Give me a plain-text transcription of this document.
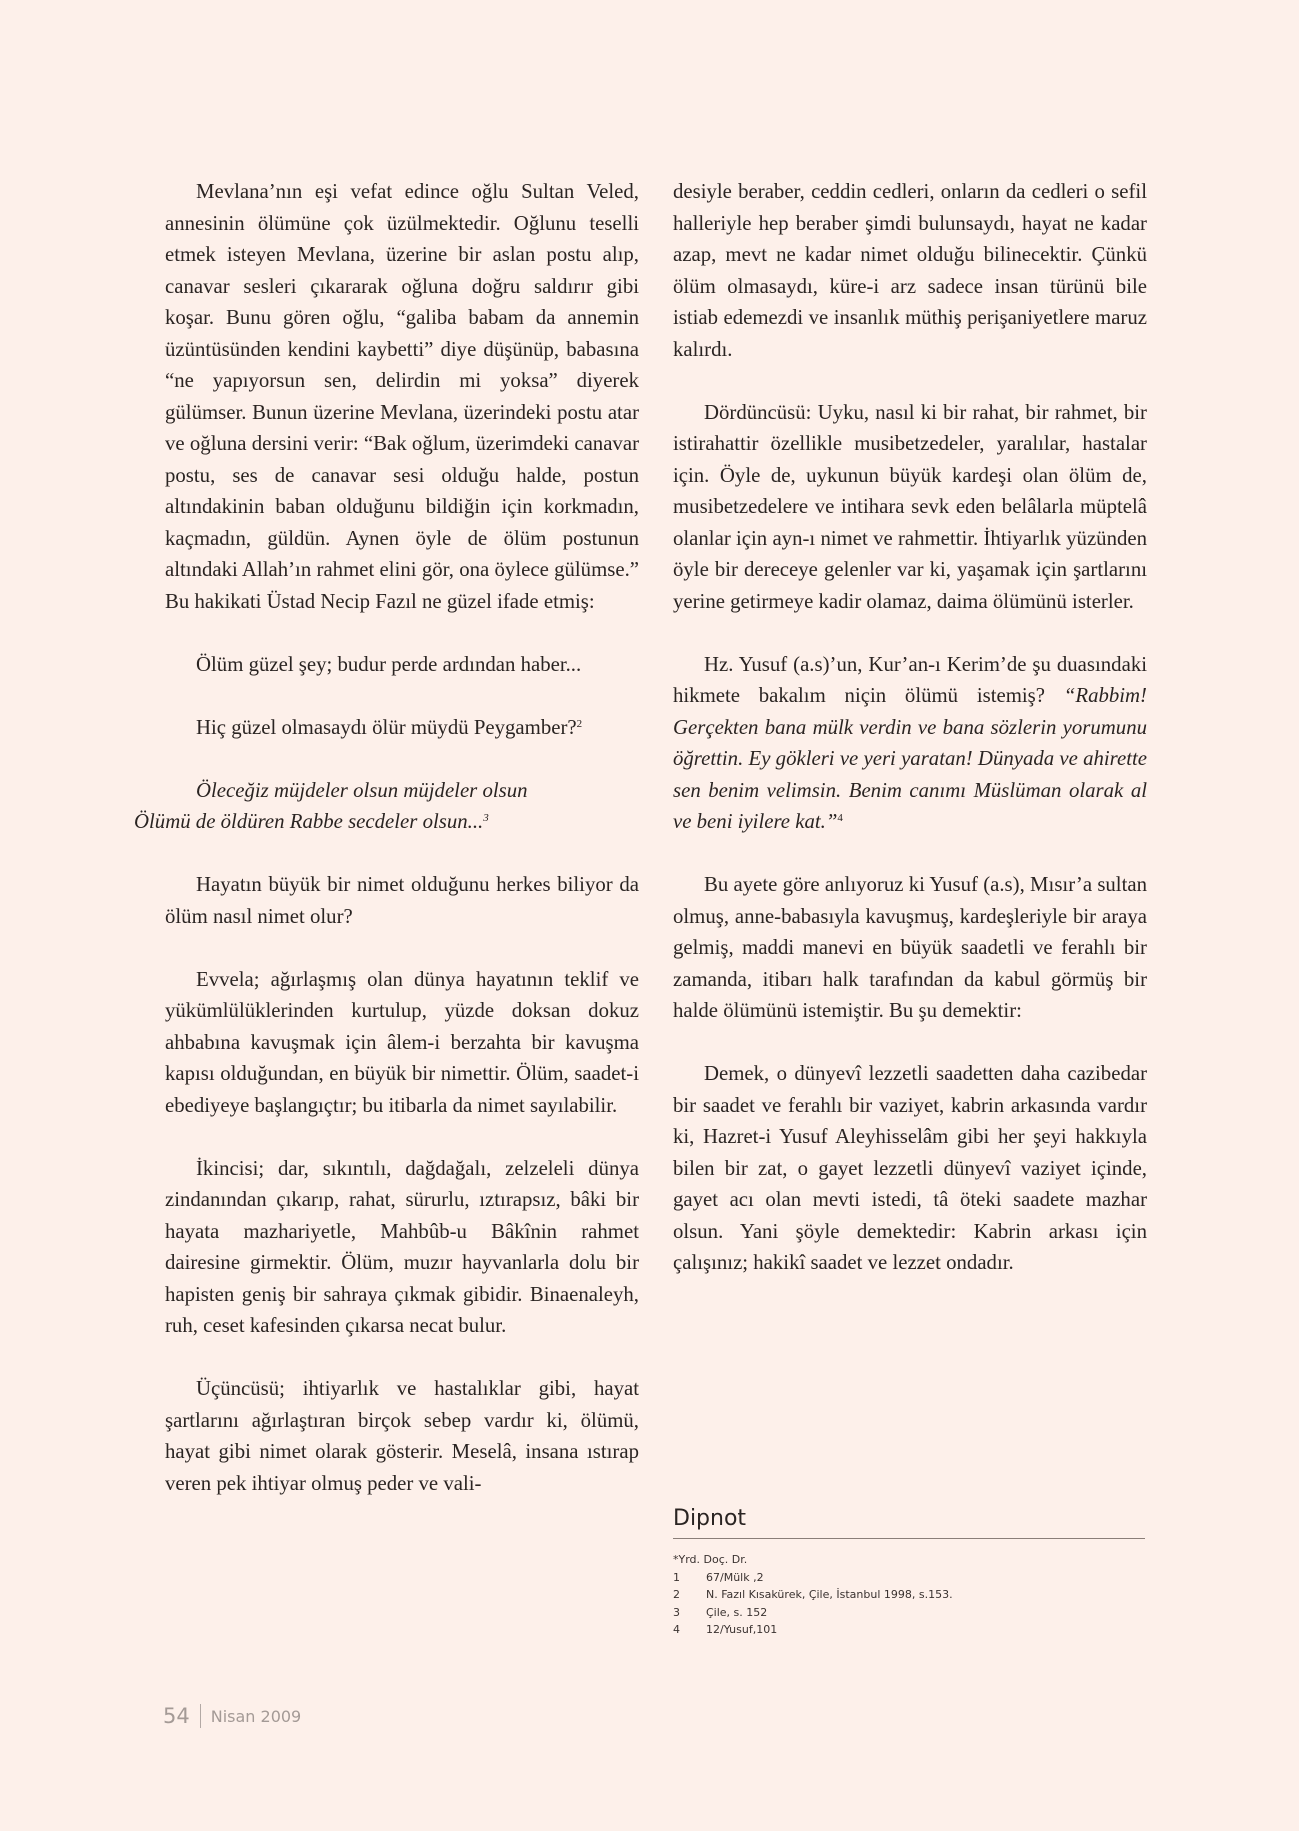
Mevlana’nın eşi vefat edince oğlu Sultan Veled, annesinin ölümüne çok üzülmektedir. Oğlunu teselli etmek isteyen Mevlana, üzerine bir aslan postu alıp, canavar sesleri çıkararak oğluna doğru saldırır gibi koşar. Bunu gören oğlu, “galiba babam da annemin üzüntüsünden kendini kaybetti” diye düşünüp, babasına “ne yapıyorsun sen, delirdin mi yoksa” diyerek gülümser. Bunun üzerine Mevlana, üzerindeki postu atar ve oğluna dersini verir: “Bak oğlum, üzerimdeki canavar postu, ses de canavar sesi olduğu halde, postun altındakinin baban olduğunu bildiğin için korkmadın, kaçmadın, güldün. Aynen öyle de ölüm postunun altındaki Allah’ın rahmet elini gör, ona öylece gülümse.” Bu hakikati Üstad Necip Fazıl ne güzel ifade etmiş:

Ölüm güzel şey; budur perde ardından haber...

Hiç güzel olmasaydı ölür müydü Peygamber?$^2$

Öleceğiz müjdeler olsun müjdeler olsun
Ölümü de öldüren Rabbe secdeler olsun...$^3$

Hayatın büyük bir nimet olduğunu herkes biliyor da ölüm nasıl nimet olur?

Evvela; ağırlaşmış olan dünya hayatının teklif ve yükümlülüklerinden kurtulup, yüzde doksan dokuz ahbabına kavuşmak için âlem-i berzahta bir kavuşma kapısı olduğundan, en büyük bir nimettir. Ölüm, saadet-i ebediyeye başlangıçtır; bu itibarla da nimet sayılabilir.

İkincisi; dar, sıkıntılı, dağdağalı, zelzeleli dünya zindanından çıkarıp, rahat, sürurlu, ıztırapsız, bâki bir hayata mazhariyetle, Mahbûb-u Bâkînin rahmet dairesine girmektir. Ölüm, muzır hayvanlarla dolu bir hapisten geniş bir sahraya çıkmak gibidir. Binaenaleyh, ruh, ceset kafesinden çıkarsa necat bulur.

Üçüncüsü; ihtiyarlık ve hastalıklar gibi, hayat şartlarını ağırlaştıran birçok sebep vardır ki, ölümü, hayat gibi nimet olarak gösterir. Meselâ, insana ıstırap veren pek ihtiyar olmuş peder ve vali-

desiyle beraber, ceddin cedleri, onların da cedleri o sefil halleriyle hep beraber şimdi bulunsaydı, hayat ne kadar azap, mevt ne kadar nimet olduğu bilinecektir. Çünkü ölüm olmasaydı, küre-i arz sadece insan türünü bile istiab edemezdi ve insanlık müthiş perişaniyetlere maruz kalırdı.

Dördüncüsü: Uyku, nasıl ki bir rahat, bir rahmet, bir istirahattir özellikle musibetzedeler, yaralılar, hastalar için. Öyle de, uykunun büyük kardeşi olan ölüm de, musibetzedelere ve intihara sevk eden belâlarla müptelâ olanlar için ayn-ı nimet ve rahmettir. İhtiyarlık yüzünden öyle bir dereceye gelenler var ki, yaşamak için şartlarını yerine getirmeye kadir olamaz, daima ölümünü isterler.

Hz. Yusuf (a.s)’un, Kur’an-ı Kerim’de şu duasındaki hikmete bakalım niçin ölümü istemiş? “Rabbim! Gerçekten bana mülk verdin ve bana sözlerin yorumunu öğrettin. Ey gökleri ve yeri yaratan! Dünyada ve ahirette sen benim velimsin. Benim canımı Müslüman olarak al ve beni iyilere kat.”$^4$

Bu ayete göre anlıyoruz ki Yusuf (a.s), Mısır’a sultan olmuş, anne-babasıyla kavuşmuş, kardeşleriyle bir araya gelmiş, maddi manevi en büyük saadetli ve ferahlı bir zamanda, itibarı halk tarafından da kabul görmüş bir halde ölümünü istemiştir. Bu şu demektir:

Demek, o dünyevî lezzetli saadetten daha cazibedar bir saadet ve ferahlı bir vaziyet, kabrin arkasında vardır ki, Hazret-i Yusuf Aleyhisselâm gibi her şeyi hakkıyla bilen bir zat, o gayet lezzetli dünyevî vaziyet içinde, gayet acı olan mevti istedi, tâ öteki saadete mazhar olsun. Yani şöyle demektedir: Kabrin arkası için çalışınız; hakikî saadet ve lezzet ondadır.

Dipnot
*Yrd. Doç. Dr.
1	67/Mülk ,2
2	N. Fazıl Kısakürek, Çile, İstanbul 1998, s.153.
3	Çile, s. 152
4	12/Yusuf,101
54 Nisan 2009
